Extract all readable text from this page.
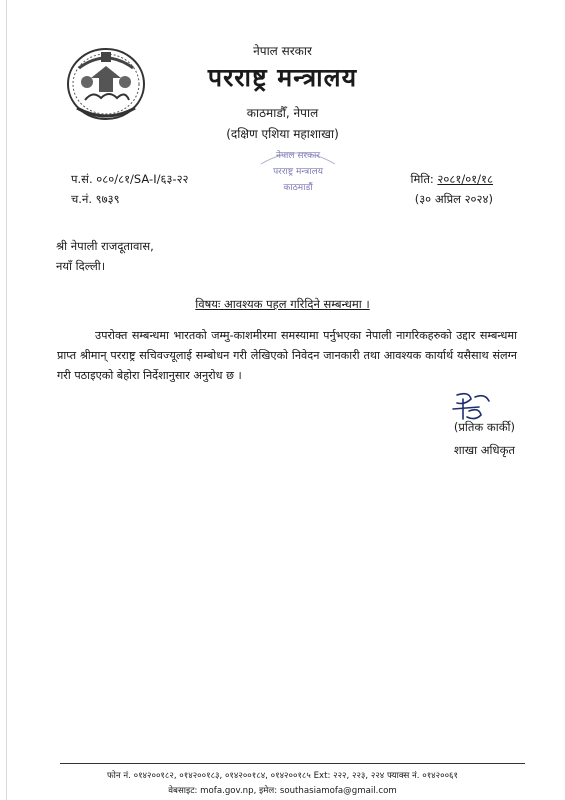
नेपाल सरकार
परराष्ट्र मन्त्रालय
काठमाडौँ, नेपाल
(दक्षिण एशिया महाशाखा)
नेपाल सरकार
परराष्ट्र मन्त्रालय
काठमाडौं
प.सं. ०८०/८१/SA-I/६३-२२
च.नं. ९७३९
मिति: २०८१/०१/१८
(३० अप्रिल २०२४)
श्री नेपाली राजदूतावास,
नयाँ दिल्ली।
विषयः आवश्यक पहल गरिदिने सम्बन्धमा ।
उपरोक्त सम्बन्धमा भारतको जम्मु-काशमीरमा समस्यामा पर्नुभएका नेपाली नागरिकहरुको उद्दार सम्बन्धमा प्राप्त श्रीमान् परराष्ट्र सचिवज्यूलाई सम्बोधन गरी लेखिएको निवेदन जानकारी तथा आवश्यक कार्यार्थ यसैसाथ संलग्न गरी पठाइएको बेहोरा निर्देशानुसार अनुरोध छ ।
(प्रतिक कार्की)
शाखा अधिकृत
फोन नं. ०१४२००१८२, ०१४२००१८३, ०१४२००१८४, ०१४२००१८५ Ext: २२२, २२३, २२४ फ्याक्स नं. ०१४२००६१
वेबसाइट: mofa.gov.np, इमेल: southasiamofa@gmail.com
